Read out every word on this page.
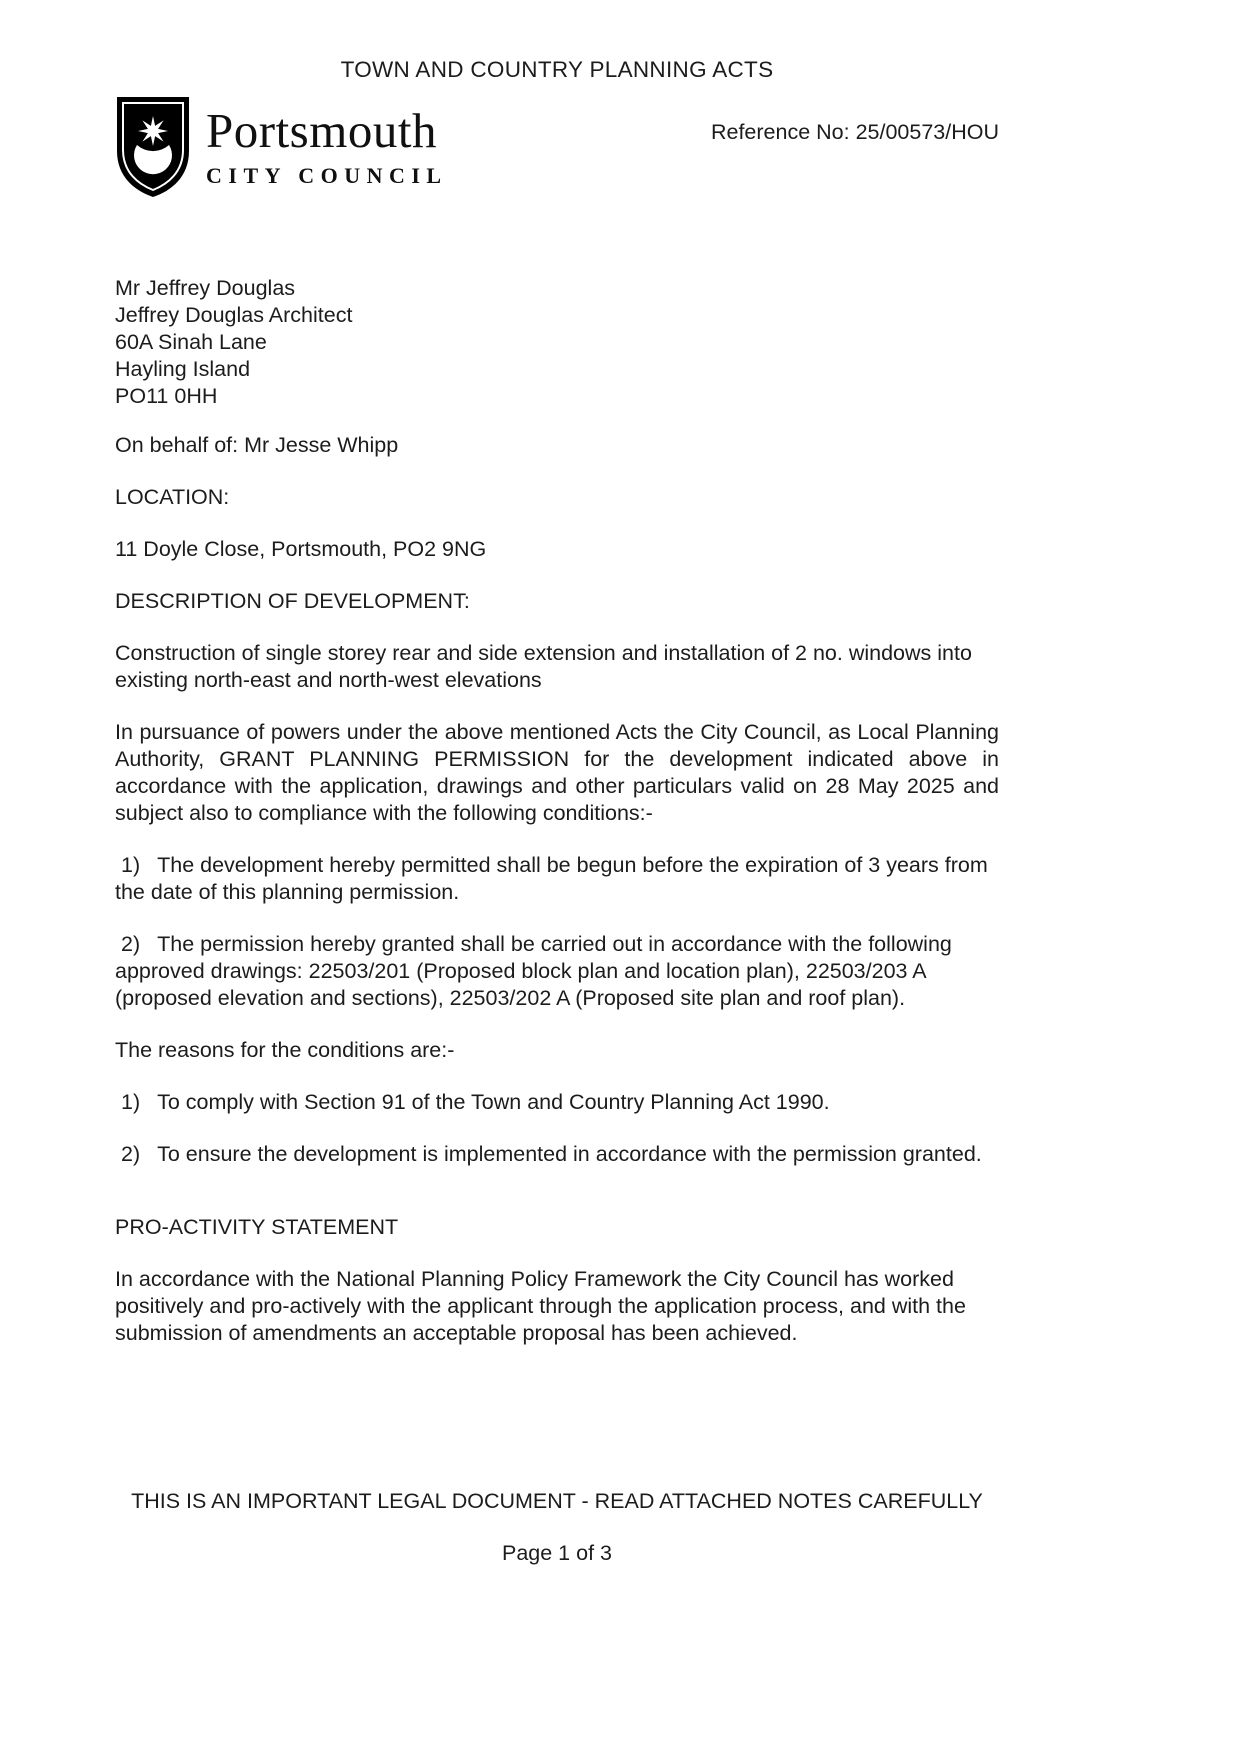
TOWN AND COUNTRY PLANNING ACTS
Portsmouth
CITY COUNCIL
Reference No: 25/00573/HOU
Mr Jeffrey Douglas
Jeffrey Douglas Architect
60A Sinah Lane
Hayling Island
PO11 0HH

On behalf of: Mr Jesse Whipp

LOCATION:

11 Doyle Close, Portsmouth, PO2 9NG

DESCRIPTION OF DEVELOPMENT:

Construction of single storey rear and side extension and installation of 2 no. windows into existing north-east and north-west elevations

In pursuance of powers under the above mentioned Acts the City Council, as Local Planning Authority, GRANT PLANNING PERMISSION for the development indicated above in accordance with the application, drawings and other particulars valid on 28 May 2025 and subject also to compliance with the following conditions:-

1) The development hereby permitted shall be begun before the expiration of 3 years from the date of this planning permission.

2) The permission hereby granted shall be carried out in accordance with the following approved drawings: 22503/201 (Proposed block plan and location plan), 22503/203 A (proposed elevation and sections), 22503/202 A (Proposed site plan and roof plan).

The reasons for the conditions are:-

1) To comply with Section 91 of the Town and Country Planning Act 1990.

2) To ensure the development is implemented in accordance with the permission granted.

PRO-ACTIVITY STATEMENT

In accordance with the National Planning Policy Framework the City Council has worked positively and pro-actively with the applicant through the application process, and with the submission of amendments an acceptable proposal has been achieved.

THIS IS AN IMPORTANT LEGAL DOCUMENT - READ ATTACHED NOTES CAREFULLY
Page 1 of 3
